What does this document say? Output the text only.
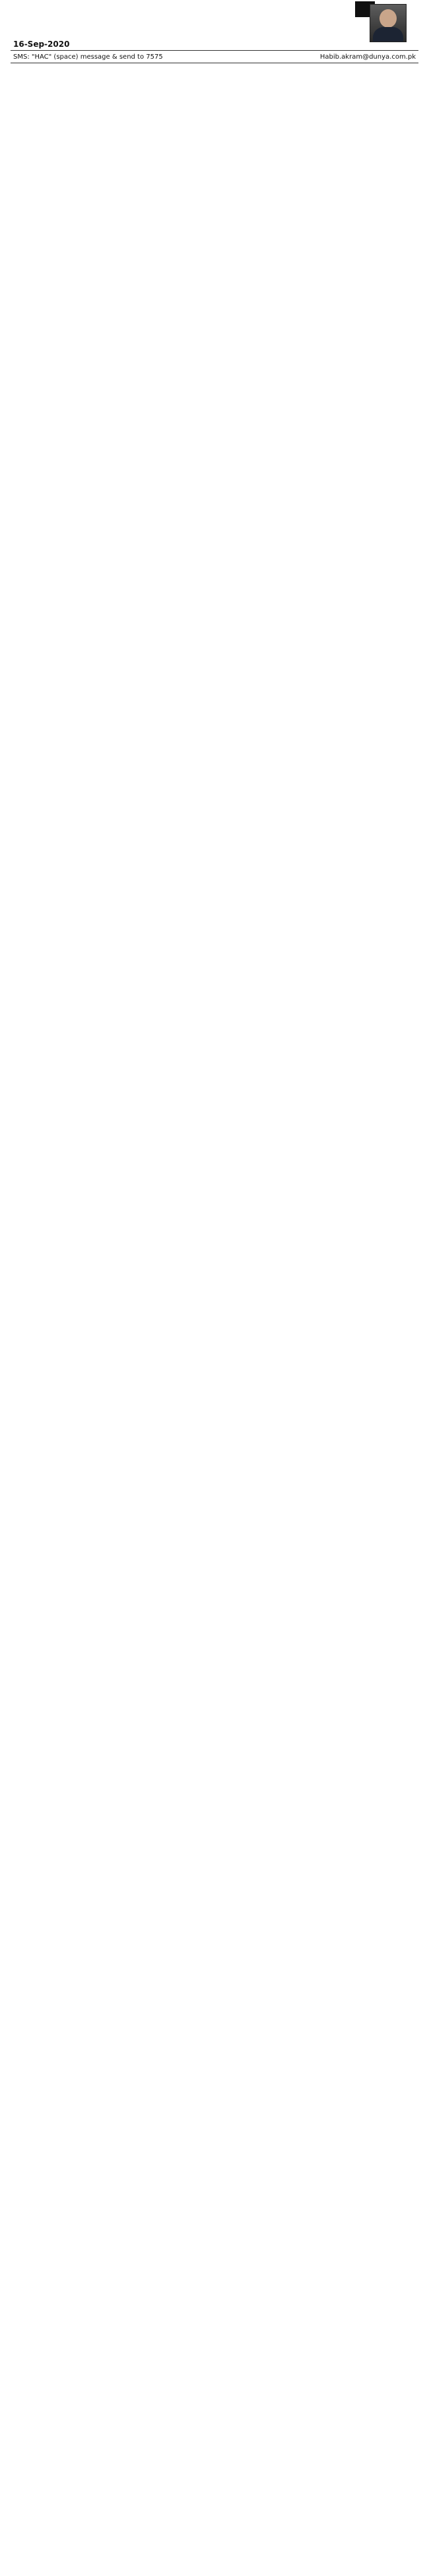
16-Sep-2020
SMS: "HAC" (space) message & send to 7575	Habib.akram@dunya.com.pk
